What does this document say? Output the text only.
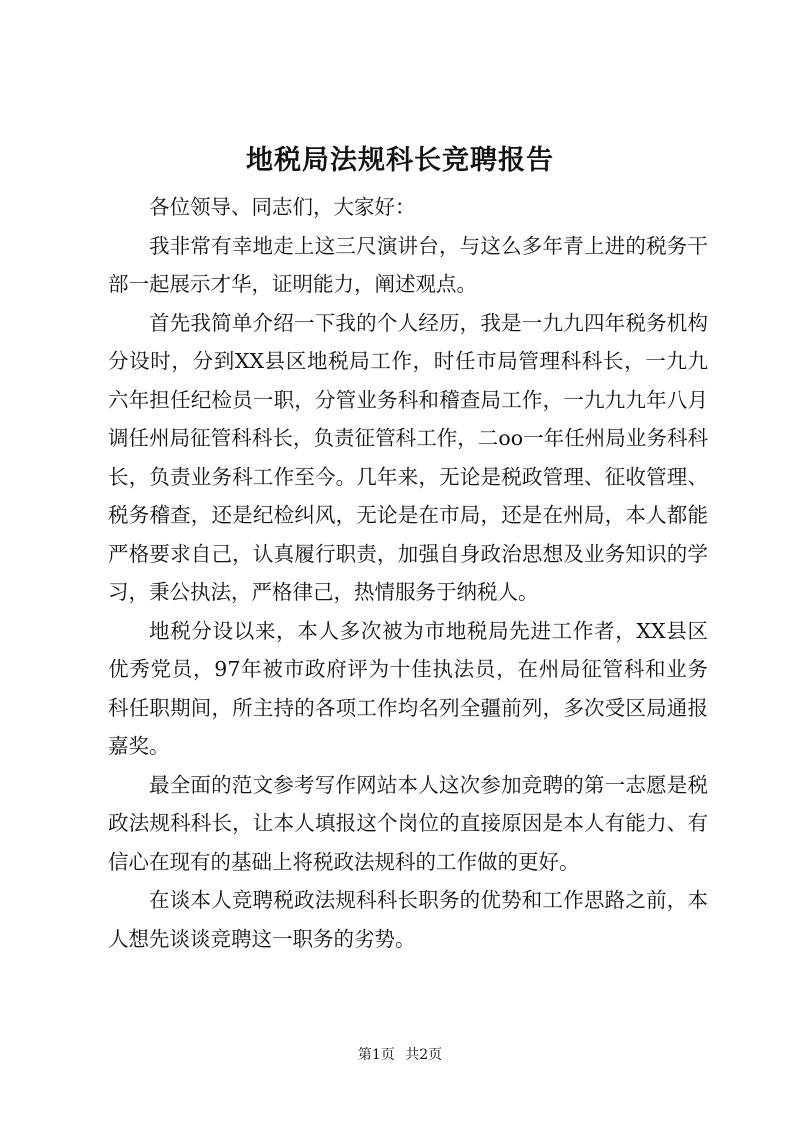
地税局法规科长竞聘报告

各位领导、同志们，大家好：

我非常有幸地走上这三尺演讲台，与这么多年青上进的税务干部一起展示才华，证明能力，阐述观点。

首先我简单介绍一下我的个人经历，我是一九九四年税务机构分设时，分到XX县区地税局工作，时任市局管理科科长，一九九六年担任纪检员一职，分管业务科和稽查局工作，一九九九年八月调任州局征管科科长，负责征管科工作，二oo一年任州局业务科科长，负责业务科工作至今。几年来，无论是税政管理、征收管理、税务稽查，还是纪检纠风，无论是在市局，还是在州局，本人都能严格要求自己，认真履行职责，加强自身政治思想及业务知识的学习，秉公执法，严格律己，热情服务于纳税人。

地税分设以来，本人多次被为市地税局先进工作者，XX县区优秀党员，97年被市政府评为十佳执法员，在州局征管科和业务科任职期间，所主持的各项工作均名列全疆前列，多次受区局通报嘉奖。

最全面的范文参考写作网站本人这次参加竞聘的第一志愿是税政法规科科长，让本人填报这个岗位的直接原因是本人有能力、有信心在现有的基础上将税政法规科的工作做的更好。

在谈本人竞聘税政法规科科长职务的优势和工作思路之前，本人想先谈谈竞聘这一职务的劣势。

第1页 共2页
